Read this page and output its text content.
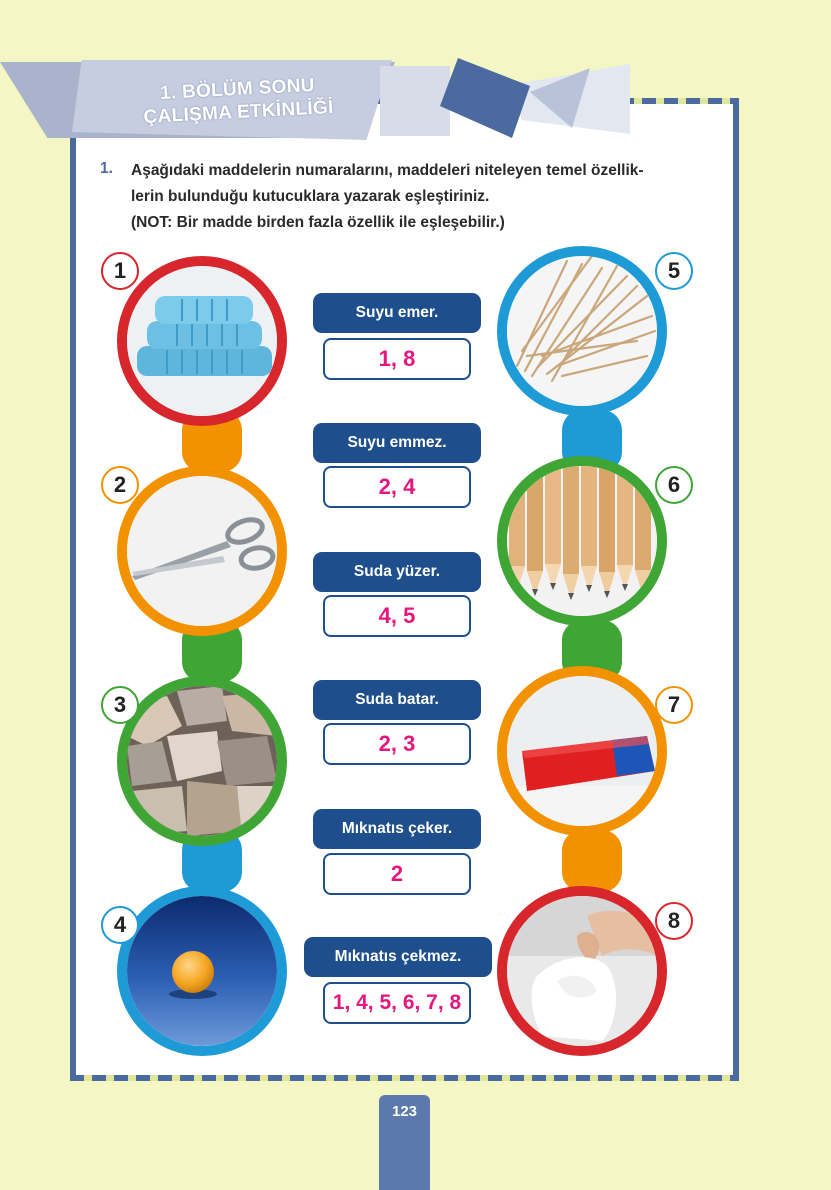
1. BÖLÜM SONU
ÇALIŞMA ETKİNLİĞİ
1. Aşağıdaki maddelerin numaralarını, maddeleri niteleyen temel özellik-
lerin bulunduğu kutucuklara yazarak eşleştiriniz.
(NOT: Bir madde birden fazla özellik ile eşleşebilir.)
1
2
3
4
5
6
7
8
Suyu emer.
1, 8
Suyu emmez.
2, 4
Suda yüzer.
4, 5
Suda batar.
2, 3
Mıknatıs çeker.
2
Mıknatıs çekmez.
1, 4, 5, 6, 7, 8
123
